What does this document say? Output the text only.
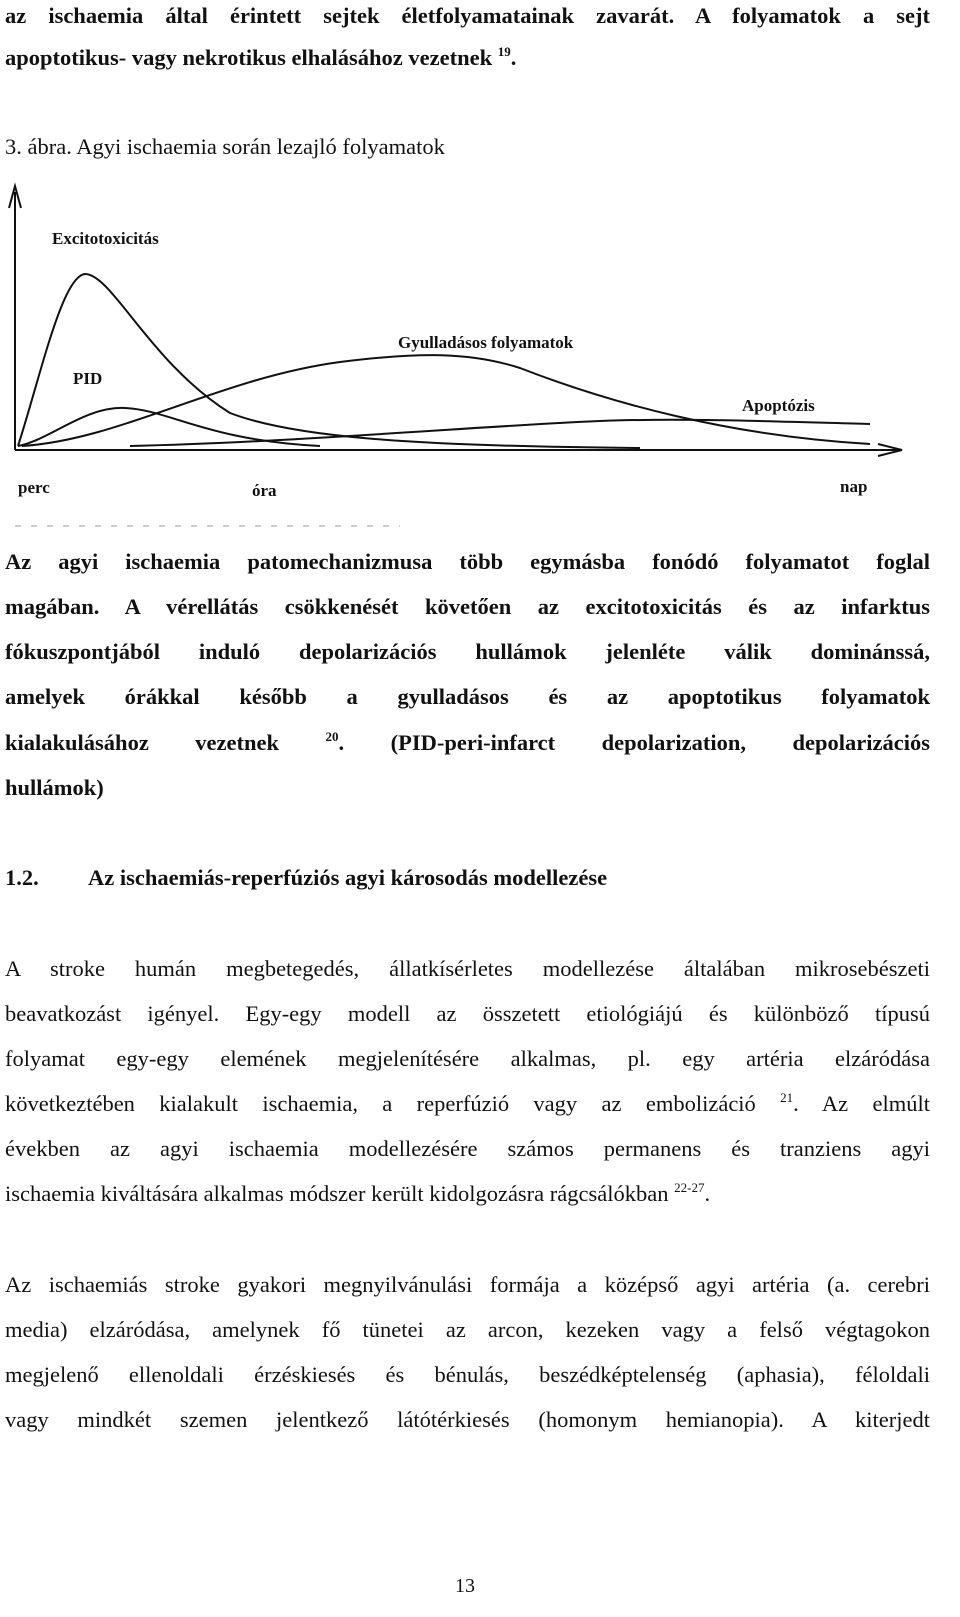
az ischaemia által érintett sejtek életfolyamatainak zavarát. A folyamatok a sejt
apoptotikus- vagy nekrotikus elhalásához vezetnek $^{19}$.
3. ábra. Agyi ischaemia során lezajló folyamatok
Excitotoxicitás
PID
Gyulladásos folyamatok
Apoptózis
perc	óra	nap
Az agyi ischaemia patomechanizmusa több egymásba fonódó folyamatot foglal
magában. A vérellátás csökkenését követően az excitotoxicitás és az infarktus
fókuszpontjából induló depolarizációs hullámok jelenléte válik dominánssá,
amelyek órákkal később a gyulladásos és az apoptotikus folyamatok
kialakulásához vezetnek $^{20}$. (PID-peri-infarct depolarization, depolarizációs
hullámok)
1.2. Az ischaemiás-reperfúziós agyi károsodás modellezése
A stroke humán megbetegedés, állatkísérletes modellezése általában mikrosebészeti
beavatkozást igényel. Egy-egy modell az összetett etiológiájú és különböző típusú
folyamat egy-egy elemének megjelenítésére alkalmas, pl. egy artéria elzáródása
következtében kialakult ischaemia, a reperfúzió vagy az embolizáció $^{21}$. Az elmúlt
években az agyi ischaemia modellezésére számos permanens és tranziens agyi
ischaemia kiváltására alkalmas módszer került kidolgozásra rágcsálókban $^{22-27}$.
Az ischaemiás stroke gyakori megnyilvánulási formája a középső agyi artéria (a. cerebri
media) elzáródása, amelynek fő tünetei az arcon, kezeken vagy a felső végtagokon
megjelenő ellenoldali érzéskiesés és bénulás, beszédképtelenség (aphasia), féloldali
vagy mindkét szemen jelentkező látótérkiesés (homonym hemianopia). A kiterjedt
13
